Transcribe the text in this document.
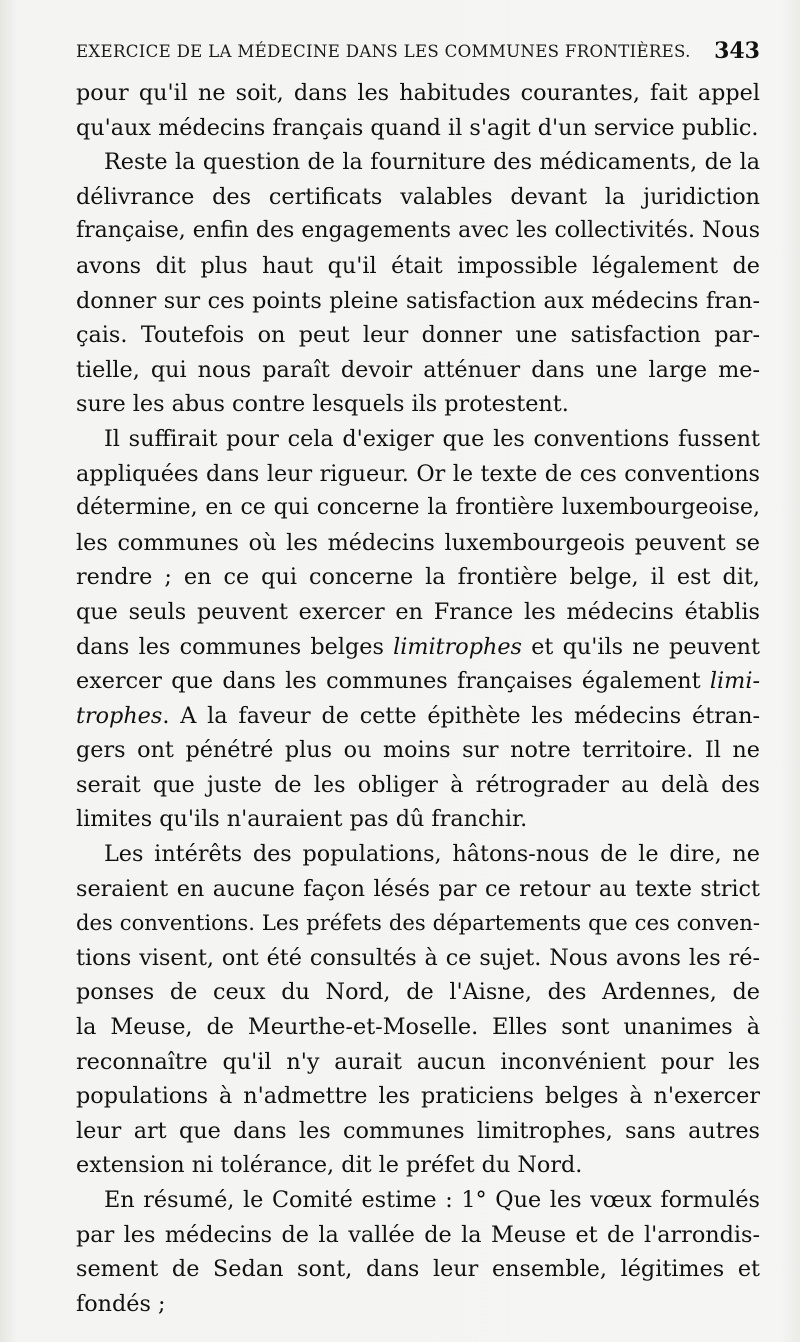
EXERCICE DE LA MÉDECINE DANS LES COMMUNES FRONTIÈRES. 343
pour qu'il ne soit, dans les habitudes courantes, fait appel
qu'aux médecins français quand il s'agit d'un service public.
Reste la question de la fourniture des médicaments, de la
délivrance des certificats valables devant la juridiction
française, enfin des engagements avec les collectivités. Nous
avons dit plus haut qu'il était impossible légalement de
donner sur ces points pleine satisfaction aux médecins fran-
çais. Toutefois on peut leur donner une satisfaction par-
tielle, qui nous paraît devoir atténuer dans une large me-
sure les abus contre lesquels ils protestent.
Il suffirait pour cela d'exiger que les conventions fussent
appliquées dans leur rigueur. Or le texte de ces conventions
détermine, en ce qui concerne la frontière luxembourgeoise,
les communes où les médecins luxembourgeois peuvent se
rendre ; en ce qui concerne la frontière belge, il est dit,
que seuls peuvent exercer en France les médecins établis
dans les communes belges limitrophes et qu'ils ne peuvent
exercer que dans les communes françaises également limi-
trophes. A la faveur de cette épithète les médecins étran-
gers ont pénétré plus ou moins sur notre territoire. Il ne
serait que juste de les obliger à rétrograder au delà des
limites qu'ils n'auraient pas dû franchir.
Les intérêts des populations, hâtons-nous de le dire, ne
seraient en aucune façon lésés par ce retour au texte strict
des conventions. Les préfets des départements que ces conven-
tions visent, ont été consultés à ce sujet. Nous avons les ré-
ponses de ceux du Nord, de l'Aisne, des Ardennes, de
la Meuse, de Meurthe-et-Moselle. Elles sont unanimes à
reconnaître qu'il n'y aurait aucun inconvénient pour les
populations à n'admettre les praticiens belges à n'exercer
leur art que dans les communes limitrophes, sans autres
extension ni tolérance, dit le préfet du Nord.
En résumé, le Comité estime : 1° Que les vœux formulés
par les médecins de la vallée de la Meuse et de l'arrondis-
sement de Sedan sont, dans leur ensemble, légitimes et
fondés ;
